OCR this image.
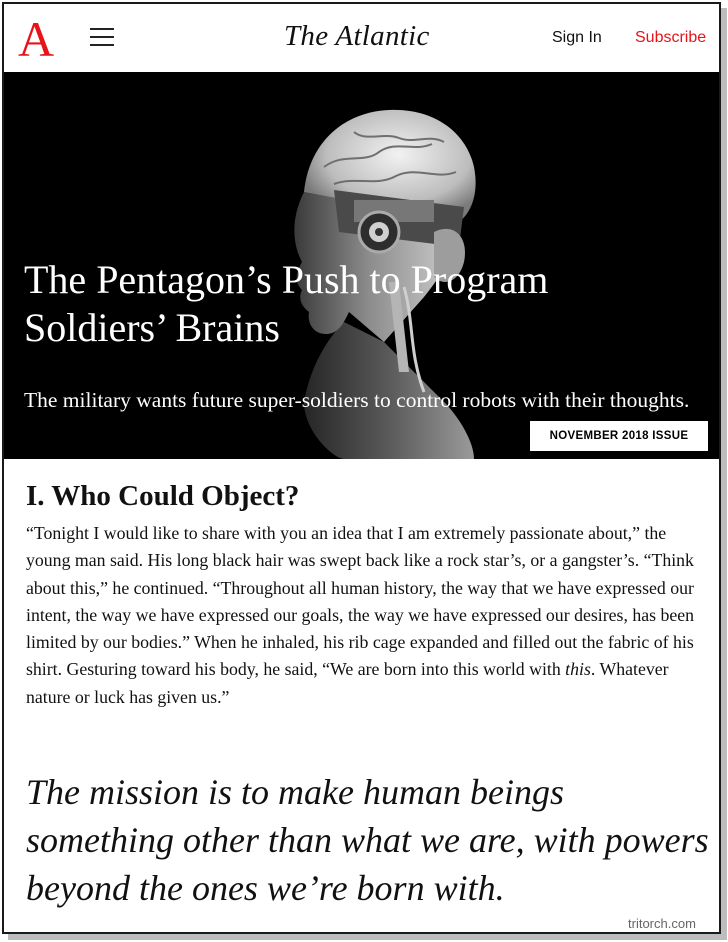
A	The Atlantic	Sign In Subscribe
The Pentagon’s Push to Program
Soldiers’ Brains
The military wants future super-soldiers to control robots with their thoughts.
NOVEMBER 2018 ISSUE
I. Who Could Object?

“Tonight I would like to share with you an idea that I am extremely passionate about,” the young man said. His long black hair was swept back like a rock star’s, or a gangster’s. “Think about this,” he continued. “Throughout all human history, the way that we have expressed our intent, the way we have expressed our goals, the way we have expressed our desires, has been limited by our bodies.” When he inhaled, his rib cage expanded and filled out the fabric of his shirt. Gesturing toward his body, he said, “We are born into this world with this. Whatever nature or luck has given us.”

The mission is to make human beings something other than what we are, with powers beyond the ones we’re born with.
tritorch.com
